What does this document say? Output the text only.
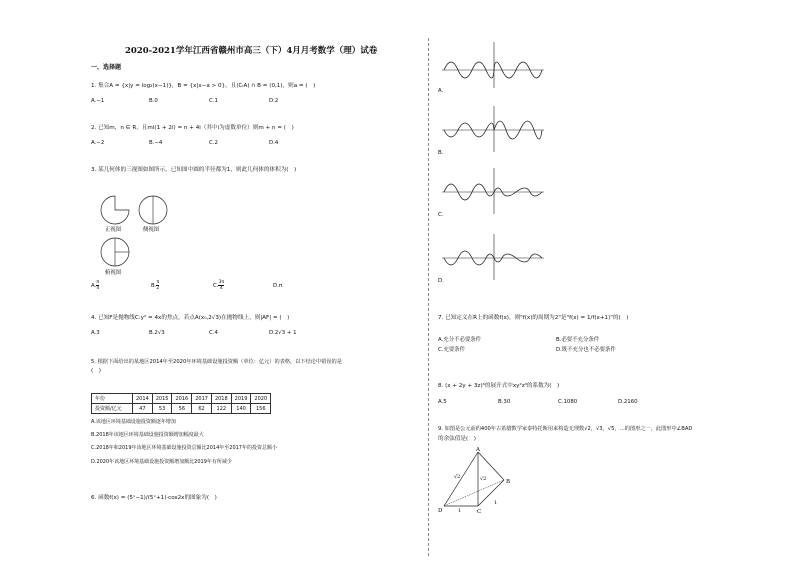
2020-2021学年江西省赣州市高三（下）4月月考数学（理）试卷
一、选择题
1. 集合A = {x|y = log₂(x−1)}，B = {x|x−a > 0}，且(∁ᵣA) ∩ B = (0,1)，则a = (　)
A.−1	B.0	C.1	D.2
2. 已知m，n ∈ R，且mi(1 + 2i) = n + 4i（其中i为虚数单位）则m + n = (　)
A.−2	B.−4	C.2	D.4
3. 某几何体的三视图如图所示，已知图中圆的半径都为1，则此几何体的体积为(　)
正视图	侧视图
俯视图
A. $\frac{\pi}{4}$	B. $\frac{\pi}{2}$	C. $\frac{3\pi}{4}$	D.π
4. 已知F是抛物线C:y² = 4x的焦点，若点A(x₀,2√3)在抛物线上，则|AF| = (　)
A.3	B.2√3	C.4	D.2√3 + 1
5. 根据下面给出的某地区2014年至2020年环境基础设施投资额（单位：亿元）的表格，以下结论中错误的是
(　)
年份	2014	2015	2016	2017	2018	2019	2020
投资额/亿元	47	53	56	62	122	140	156
A.该地区环境基础设施投资额逐年增加
B.2018年该地区环境基础设施投资额增加幅度最大
C.2018年和2019年该地区环境基础设施投资总额比2014年至2017年的投资总额小
D.2020年该地区环境基础设施投资额增加额比2019年有所减少
6. 函数f(x) = (5ˣ−1)/(5ˣ+1)·cos2x的图象为(　)
A.
B.
C.
D.
7. 已知定义在R上的函数f(x)，则"f(x)的周期为2"是"f(x) = 1/f(x+1)"的(　)
A.充分不必要条件	B.必要不充分条件
C.充要条件	D.既不充分也不必要条件
8. (x + 2y + 3z)⁶的展开式中xy²z³的系数为(　)
A.5	B.30	C.1080	D.2160
9. 如图是公元前约400年古希腊数学家泰特托斯用来构造无理数√2，√3，√5，…的图形之一，此图形中∠BAD
的余弦值是(　)
A
B
C
D	1
1
√2	√2
